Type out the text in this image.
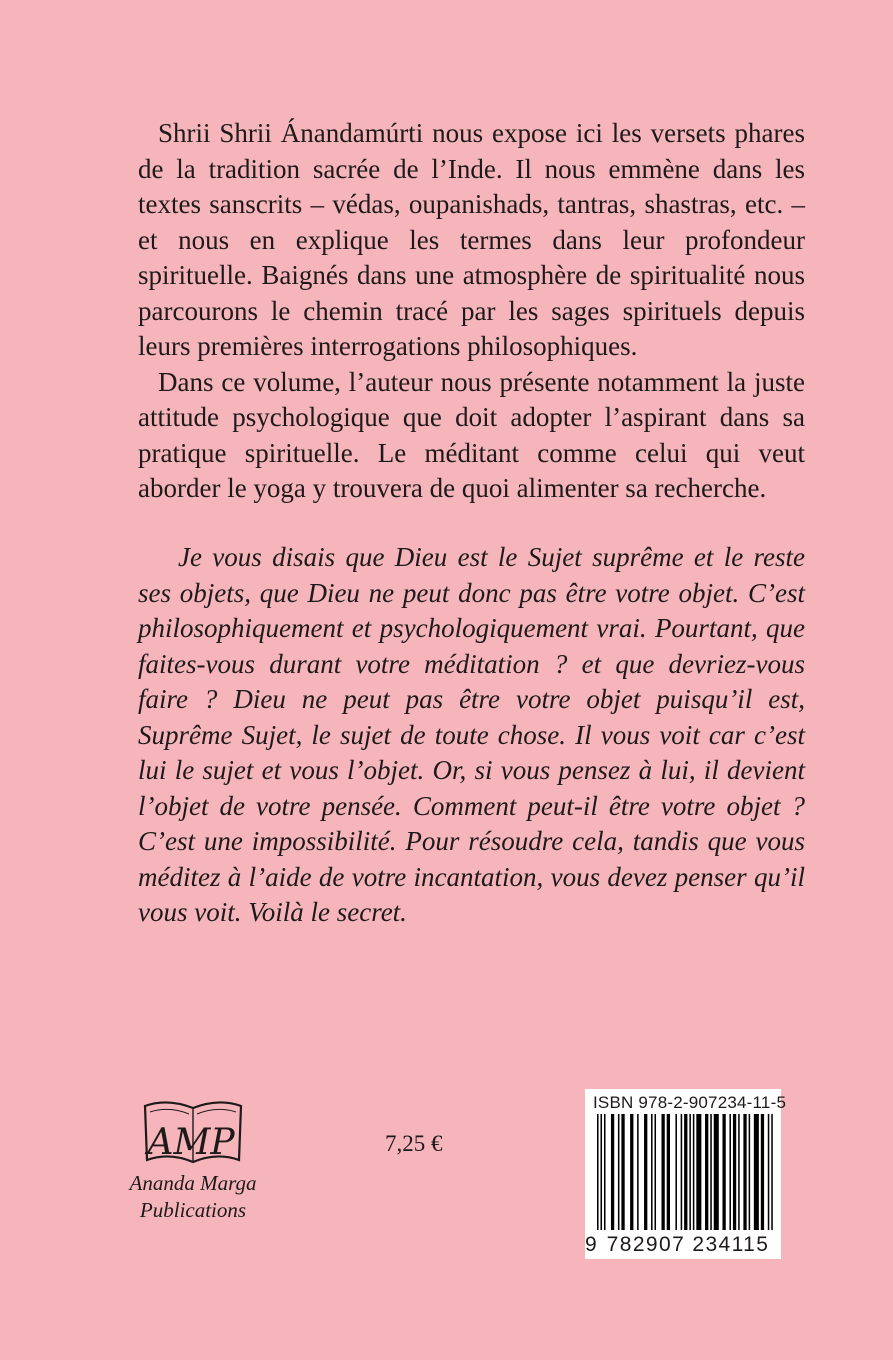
Shrii Shrii Ánandamúrti nous expose ici les versets phares de la tradition sacrée de l’Inde. Il nous emmène dans les textes sanscrits – védas, oupanishads, tantras, shastras, etc. – et nous en explique les termes dans leur profondeur spirituelle. Baignés dans une atmosphère de spiritualité nous parcourons le chemin tracé par les sages spirituels depuis leurs premières interrogations philosophiques.

Dans ce volume, l’auteur nous présente notamment la juste attitude psychologique que doit adopter l’aspirant dans sa pratique spirituelle. Le méditant comme celui qui veut aborder le yoga y trouvera de quoi alimenter sa recherche.

Je vous disais que Dieu est le Sujet suprême et le reste ses objets, que Dieu ne peut donc pas être votre objet. C’est philosophiquement et psychologiquement vrai. Pourtant, que faites-vous durant votre méditation ? et que devriez-vous faire ? Dieu ne peut pas être votre objet puisqu’il est, Suprême Sujet, le sujet de toute chose. Il vous voit car c’est lui le sujet et vous l’objet. Or, si vous pensez à lui, il devient l’objet de votre pensée. Comment peut-il être votre objet ? C’est une impossibilité. Pour résoudre cela, tandis que vous méditez à l’aide de votre incantation, vous devez penser qu’il vous voit. Voilà le secret.

AMP
Ananda Marga
Publications
7,25 €
ISBN 978-2-907234-11-5
9 782907 234115
